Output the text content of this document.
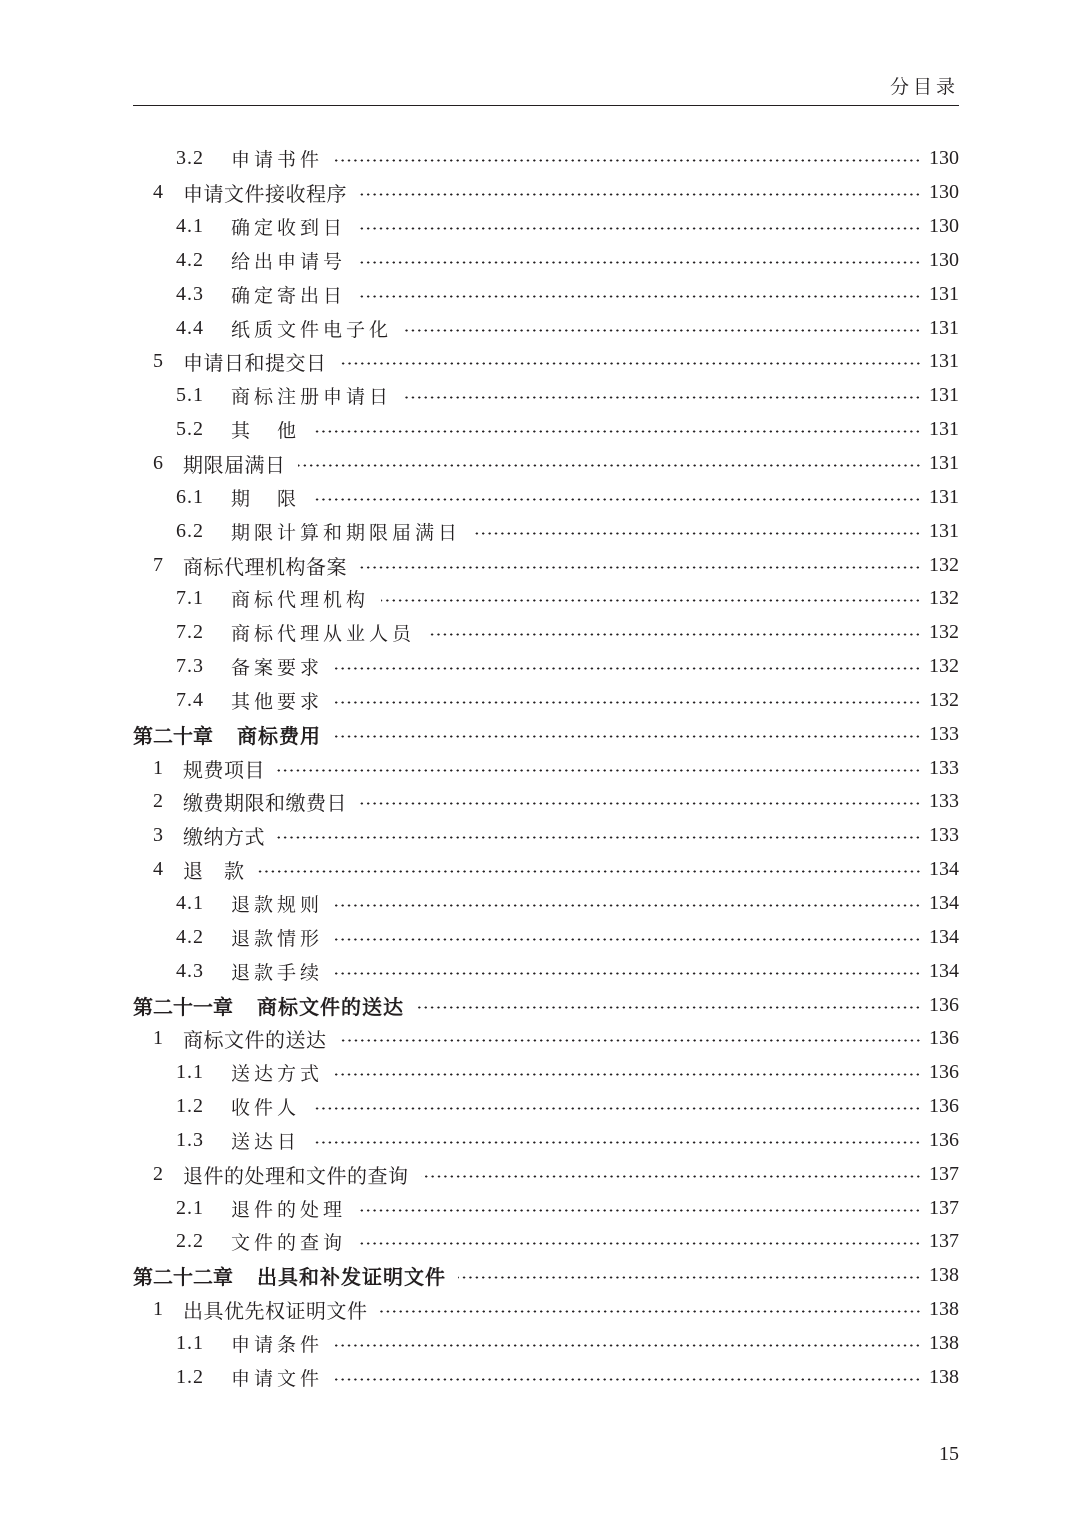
分目录
3.2	申请书件	130
4	申请文件接收程序	130
4.1	确定收到日	130
4.2	给出申请号	130
4.3	确定寄出日	131
4.4	纸质文件电子化	131
5	申请日和提交日	131
5.1	商标注册申请日	131
5.2	其　他	131
6	期限届满日	131
6.1	期　限	131
6.2	期限计算和期限届满日	131
7	商标代理机构备案	132
7.1	商标代理机构	132
7.2	商标代理从业人员	132
7.3	备案要求	132
7.4	其他要求	132
第二十章	商标费用	133
1	规费项目	133
2	缴费期限和缴费日	133
3	缴纳方式	133
4	退　款	134
4.1	退款规则	134
4.2	退款情形	134
4.3	退款手续	134
第二十一章	商标文件的送达	136
1	商标文件的送达	136
1.1	送达方式	136
1.2	收件人	136
1.3	送达日	136
2	退件的处理和文件的查询	137
2.1	退件的处理	137
2.2	文件的查询	137
第二十二章	出具和补发证明文件	138
1	出具优先权证明文件	138
1.1	申请条件	138
1.2	申请文件	138
15
